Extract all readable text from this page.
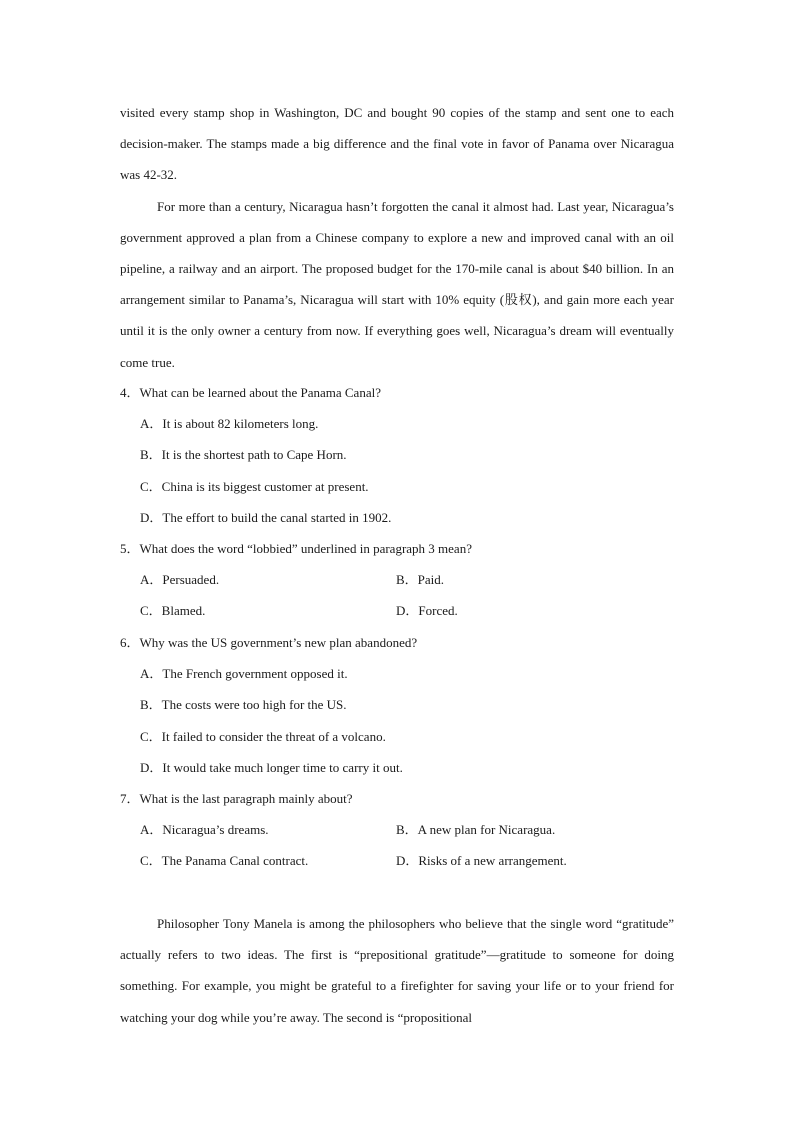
visited every stamp shop in Washington, DC and bought 90 copies of the stamp and sent one to each decision-maker. The stamps made a big difference and the final vote in favor of Panama over Nicaragua was 42-32.

For more than a century, Nicaragua hasn’t forgotten the canal it almost had. Last year, Nicaragua’s government approved a plan from a Chinese company to explore a new and improved canal with an oil pipeline, a railway and an airport. The proposed budget for the 170-mile canal is about $40 billion. In an arrangement similar to Panama’s, Nicaragua will start with 10% equity (股权), and gain more each year until it is the only owner a century from now. If everything goes well, Nicaragua’s dream will eventually come true.

4．What can be learned about the Panama Canal?

A．It is about 82 kilometers long.

B．It is the shortest path to Cape Horn.

C．China is its biggest customer at present.

D．The effort to build the canal started in 1902.

5．What does the word “lobbied” underlined in paragraph 3 mean?

A．Persuaded.	B．Paid.
C．Blamed.	D．Forced.

6．Why was the US government’s new plan abandoned?

A．The French government opposed it.

B．The costs were too high for the US.

C．It failed to consider the threat of a volcano.

D．It would take much longer time to carry it out.

7．What is the last paragraph mainly about?

A．Nicaragua’s dreams.	B．A new plan for Nicaragua.
C．The Panama Canal contract.	D．Risks of a new arrangement.

Philosopher Tony Manela is among the philosophers who believe that the single word “gratitude” actually refers to two ideas. The first is “prepositional gratitude”—gratitude to someone for doing something. For example, you might be grateful to a firefighter for saving your life or to your friend for watching your dog while you’re away. The second is “propositional
